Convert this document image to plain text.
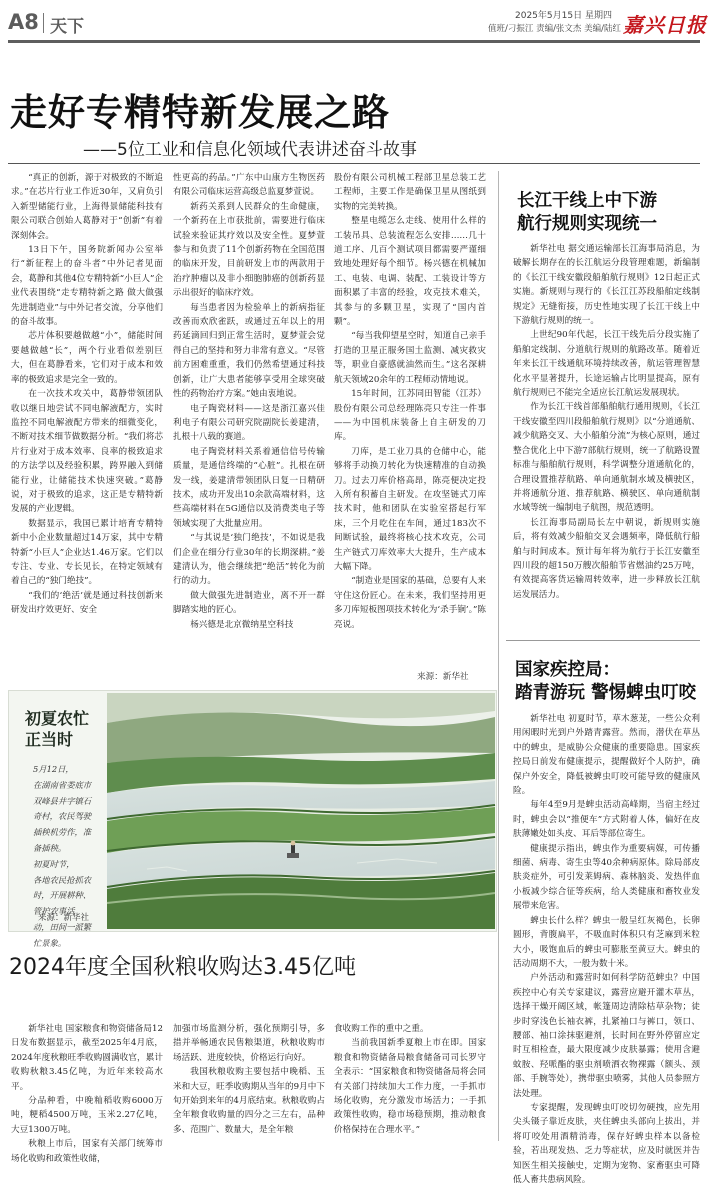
A8 天下
2025年5月15日 星期四
值班/刁振江 责编/张文杰 美编/陆红 嘉兴日报
走好专精特新发展之路
——5位工业和信息化领域代表讲述奋斗故事

“真正的创新，源于对极致的不断追求。”在芯片行业工作近30年，又肩负引入新型储能行业，上海得景储能科技有限公司联合创始人葛静对于“创新”有着深刻体会。

13日下午，国务院新闻办公室举行“新征程上的奋斗者”中外记者见面会，葛静和其他4位专精特新“小巨人”企业代表围绕“走专精特新之路 做大做强先进制造业”与中外记者交流，分享他们的奋斗故事。

芯片体积要越做越“小”，储能时间要越做越“长”，两个行业看似差别巨大，但在葛静看来，它们对于成本和效率的极致追求是完全一致的。

在一次技术攻关中，葛静带领团队收以继日地尝试不同电解液配方，实时监控不同电解液配方带来的细微变化，不断对技术细节做数据分析。“我们将芯片行业对于成本效率、良率的极致追求的方法学以及经验积累，跨界融入到储能行业，让储能技术快速突破。”葛静说，对于极致的追求，这正是专精特新发展的产业逻辑。

数据显示，我国已累计培育专精特新中小企业数量超过14万家，其中专精特新“小巨人”企业达1.46万家。它们以专注、专业、专长见长，在特定领域有着自己的“独门绝技”。

“我们的‘绝活’就是通过科技创新来研发出疗效更好、安全

性更高的药品。”广东中山康方生物医药有限公司临床运营高级总监夏梦萱说。

新药关系到人民群众的生命健康，一个新药在上市获批前，需要进行临床试验来验证其疗效以及安全性。夏梦萱参与和负责了11个创新药物在全国范围的临床开发，目前研发上市的两款用于治疗肿瘤以及非小细胞肺癌的创新药显示出很好的临床疗效。

每当患者因为检验单上的新病指征改善而欢欣雀跃，或通过五年以上的用药延滴回归到正常生活时，夏梦萱会觉得自己的坚持和努力非常有意义。“尽管前方困难重重，我们仍然希望通过科技创新，让广大患者能够享受用全球突破性的药物治疗方案。”她由衷地说。

电子陶瓷材料——这是浙江嘉兴佳利电子有限公司研究院副院长姜建清，扎根十八载的赛道。

电子陶瓷材料关系着通信信号传输质量，是通信终端的“心脏”。扎根在研发一线，姜建清带领团队日复一日精研技术，成功开发出10余款高端材料，这些高端材料在5G通信以及消费类电子等领域实现了大批量应用。

“与其说是‘独门绝技’，不如说是我们企业在细分行业30年的长期深耕。”姜建清认为，他会继续把“绝活”转化为前行的动力。

做大做强先进制造业，离不开一群脚踏实地的匠心。

杨兴德是北京微纳星空科技

股份有限公司机械工程部卫星总装工艺工程师，主要工作是确保卫星从图纸到实物的完美转换。

整星电缆怎么走线、使用什么样的工装吊具、总装流程怎么安排……几十道工序、几百个测试项目都需要严谨细致地处理好每个细节。杨兴德在机械加工、电装、电调、装配、工装设计等方面积累了丰富的经验，攻克技术难关，其参与的多颗卫星，实现了“国内首颗”。

“每当我仰望星空时，知道自己亲手打造的卫星正服务国土监测、减灾救灾等，职业自豪感就油然而生。”这名深耕航天领域20余年的工程师动情地说。

15年时间，江苏同田智能（江苏）股份有限公司总经理陈亮只专注一件事——为中国机床装备上自主研发的刀库。

刀库，是工业刀具的仓储中心，能够将手动换刀转化为快速精准的自动换刀。过去刀库价格高昂，陈亮便决定投入所有积蓄自主研发。在攻坚链式刀库技术时，他和团队在实验室搭起行军床，三个月吃住在车间，通过183次不间断试验，最终将核心技术攻克，公司生产链式刀库效率大大提升，生产成本大幅下降。

“制造业是国家的基础，总要有人来守住这份匠心。在未来，我们坚持用更多刀库短板图项技术转化为‘杀手锏’。”陈亮说。

来源：新华社
长江干线上中下游
航行规则实现统一

新华社电 据交通运输部长江海事局消息，为破解长期存在的长江航运分段管理难题，新编制的《长江干线安徽段船舶航行规则》12日起正式实施。新规则与现行的《长江江苏段船舶定线制规定》无缝衔接，历史性地实现了长江干线上中下游航行规则的统一。

上世纪90年代起，长江干线先后分段实施了船舶定线制、分道航行规则的航路改革。随着近年来长江干线通航环境持续改善，航运管理智慧化水平显著提升，长途运输占比明显提高，原有航行规则已不能完全适应长江航运发展现状。

作为长江干线首部船舶航行通用规则，《长江干线安徽至四川段船舶航行规则》以“分道通航、减少航路交叉、大小船舶分流”为核心原则，通过整合优化上中下游7部航行规则，统一了航路设置标准与船舶航行规则，科学调整分道通航化的，合理设置推荐航路、单向通航制水域及横驶区，并将通航分道、推荐航路、横驶区、单向通航制水域等统一编制电子航图，规范透明。

长江海事局副局长左中朝说，新规则实施后，将有效减少船舶交叉会遇频率，降低航行船舶与时间成本。预计每年将为航行于长江安徽至四川段的超150万艘次船舶节省燃油约25万吨，有效提高客货运输周转效率，进一步释放长江航运发展活力。

国家疾控局：
踏青游玩 警惕蜱虫叮咬

新华社电 初夏时节，草木葱茏，一些公众利用闲暇时光到户外踏青露营。然而，潜伏在草丛中的蜱虫，是威胁公众健康的重要隐患。国家疾控局日前发布健康提示，提醒做好个人防护，确保户外安全，降低被蜱虫叮咬可能导致的健康风险。

每年4至9月是蜱虫活动高峰期，当宿主经过时，蜱虫会以“推便车”方式附着人体，偏好在皮肤薄嫩处如头皮、耳后等部位寄生。

健康提示指出，蜱虫作为重要病媒，可传播细菌、病毒、寄生虫等40余种病原体。除局部皮肤炎症外，可引发莱姆病、森林脑炎、发热伴血小板减少综合征等疾病，给人类健康和畜牧业发展带来危害。

蜱虫长什么样？蜱虫一般呈红灰褐色，长卵圆形，背腹扁平，不吸血时体积只有芝麻到米粒大小，吸饱血后的蜱虫可膨胀至黄豆大。蜱虫的活动周期不大，一般为数十米。

户外活动和露营时如何科学防范蜱虫？中国疾控中心有关专家建议，露营应避开灌木草丛，选择干燥开阔区域，帐篷周边清除枯草杂物；徒步时穿浅色长袖衣裤，扎紧袖口与裤口，领口、腰部、袖口涂抹驱避剂，长时间在野外停留应定时互相检查，最大限度减少皮肤暴露；使用含避蚊胺、羟哌酯的驱虫剂喷洒衣物裸露（额头、颈部、手腕等处），携带驱虫喷雾，其他人员参照方法处理。

专家提醒，发现蜱虫叮咬切勿硬拽，应先用尖头镊子靠近皮肤，夹住蜱虫头部向上拔出，并将叮咬处用酒精消毒，保存好蜱虫样本以备检验，若出现发热、乏力等症状，应及时就医并告知医生相关接触史，定期为宠物、家畜驱虫可降低人畜共患病风险。

初夏农忙
正当时
5月12日，
在湖南省娄底市
双峰县井字镇石
奇村，农民驾驶
插秧机劳作，准
备插秧。
初夏时节，
各地农民抢抓农
时，开展耕种、
管护农事活
动，田间一派繁
忙景象。
来源：新华社
2024年度全国秋粮收购达3.45亿吨

新华社电 国家粮食和物资储备局12日发布数据显示，截至2025年4月底，2024年度秋粮旺季收购圆满收官，累计收购秋粮3.45亿吨，为近年来较高水平。

分品种看，中晚籼稻收购6000万吨，粳稻4500万吨，玉米2.27亿吨，大豆1300万吨。

秋粮上市后，国家有关部门统筹市场化收购和政策性收储，

加强市场监测分析，强化预期引导，多措并举畅通农民售粮渠道，秋粮收购市场活跃、进度较快，价格运行向好。

我国秋粮收购主要包括中晚稻、玉米和大豆，旺季收购期从当年的9月中下旬开始到来年的4月底结束。秋粮收购占全年粮食收购量的四分之三左右，品种多、范围广、数量大，是全年粮

食收购工作的重中之重。

当前我国新季夏粮上市在即。国家粮食和物资储备局粮食储备司司长罗守全表示：“国家粮食和物资储备局将会同有关部门持续加大工作力度，一手抓市场化收购，充分激发市场活力；一手抓政策性收购，稳市场稳预期，推动粮食价格保持在合理水平。”
